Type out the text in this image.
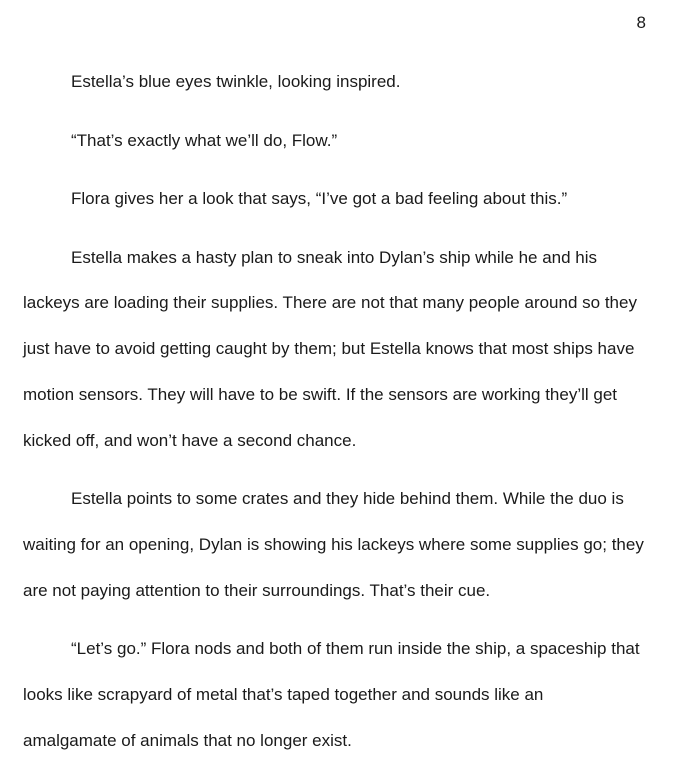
8
Estella’s blue eyes twinkle, looking inspired.
“That’s exactly what we’ll do, Flow.”
Flora gives her a look that says, “I’ve got a bad feeling about this.”
Estella makes a hasty plan to sneak into Dylan’s ship while he and his
lackeys are loading their supplies. There are not that many people around so they
just have to avoid getting caught by them; but Estella knows that most ships have
motion sensors. They will have to be swift. If the sensors are working they’ll get
kicked off, and won’t have a second chance.
Estella points to some crates and they hide behind them. While the duo is
waiting for an opening, Dylan is showing his lackeys where some supplies go; they
are not paying attention to their surroundings. That’s their cue.
“Let’s go.” Flora nods and both of them run inside the ship, a spaceship that
looks like scrapyard of metal that’s taped together and sounds like an
amalgamate of animals that no longer exist.
